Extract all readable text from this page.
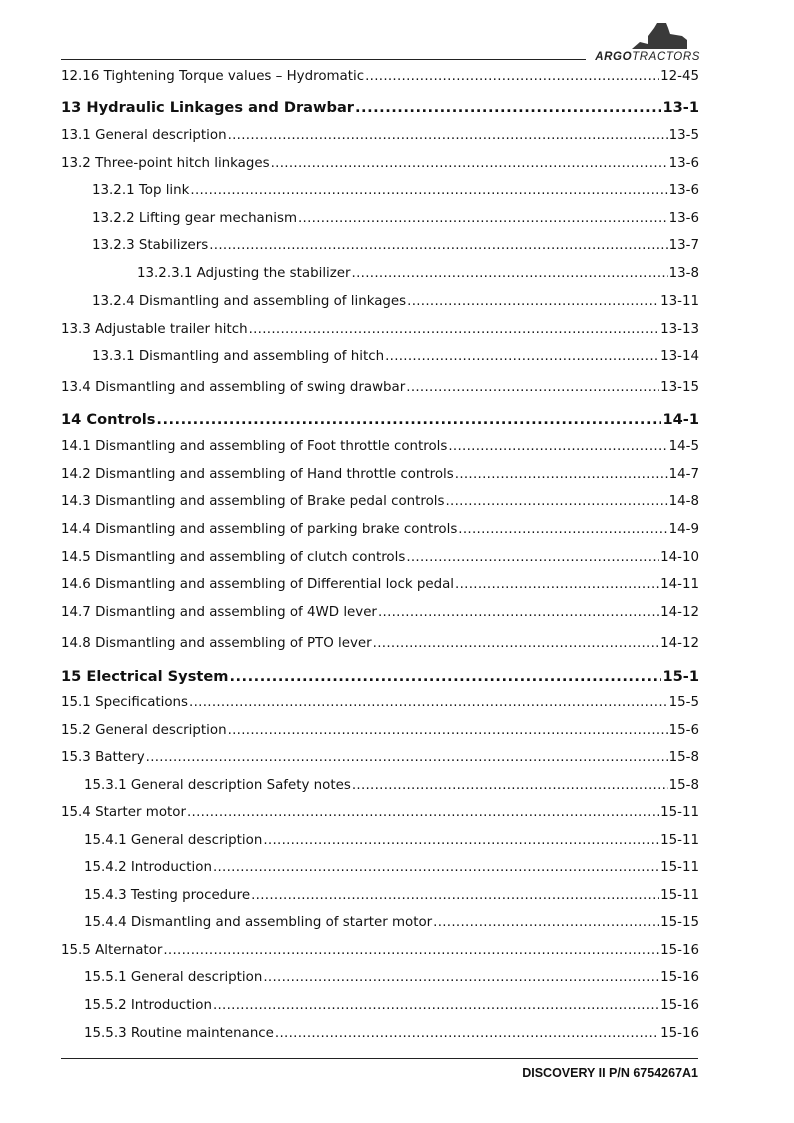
ARGOTRACTORS
12.16 Tightening Torque values – Hydromatic .....	12-45
13 Hydraulic Linkages and Drawbar .....	13-1
13.1 General description .....	13-5
13.2 Three-point hitch linkages .....	13-6
13.2.1 Top link .....	13-6
13.2.2 Lifting gear mechanism .....	13-6
13.2.3 Stabilizers .....	13-7
13.2.3.1 Adjusting the stabilizer .....	13-8
13.2.4 Dismantling and assembling of linkages .....	13-11
13.3 Adjustable trailer hitch .....	13-13
13.3.1 Dismantling and assembling of hitch .....	13-14
13.4 Dismantling and assembling of swing drawbar .....	13-15
14 Controls .....	14-1
14.1 Dismantling and assembling of Foot throttle controls .....	14-5
14.2 Dismantling and assembling of Hand throttle controls .....	14-7
14.3 Dismantling and assembling of Brake pedal controls .....	14-8
14.4 Dismantling and assembling of parking brake controls .....	14-9
14.5 Dismantling and assembling of clutch controls .....	14-10
14.6 Dismantling and assembling of Differential lock pedal .....	14-11
14.7 Dismantling and assembling of 4WD lever .....	14-12
14.8 Dismantling and assembling of PTO lever .....	14-12
15 Electrical System .....	15-1
15.1 Specifications .....	15-5
15.2 General description .....	15-6
15.3 Battery .....	15-8
15.3.1 General description Safety notes .....	15-8
15.4 Starter motor .....	15-11
15.4.1 General description .....	15-11
15.4.2 Introduction .....	15-11
15.4.3 Testing procedure .....	15-11
15.4.4 Dismantling and assembling of starter motor .....	15-15
15.5 Alternator .....	15-16
15.5.1 General description .....	15-16
15.5.2 Introduction .....	15-16
15.5.3 Routine maintenance .....	15-16
DISCOVERY II P/N 6754267A1
